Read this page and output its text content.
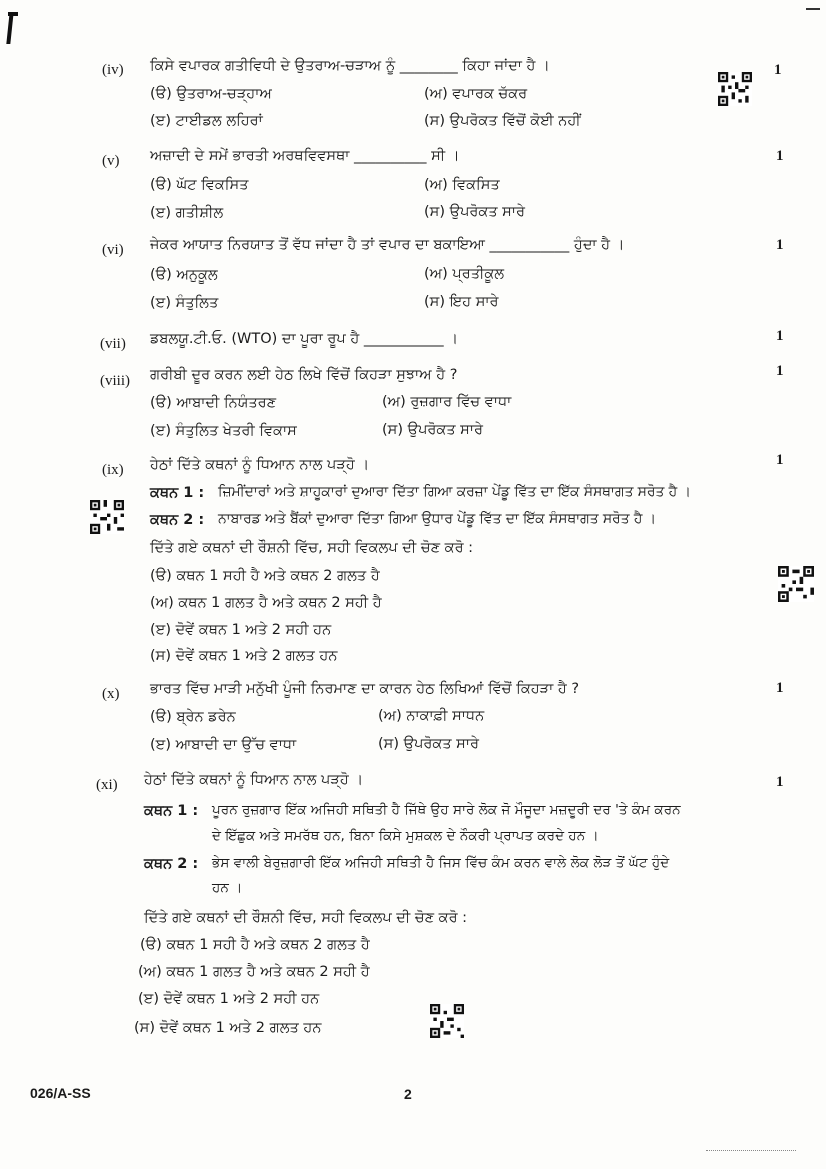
(iv) ਕਿਸੇ ਵਪਾਰਕ ਗਤੀਵਿਧੀ ਦੇ ਉਤਰਾਅ-ਚੜਾਅ ਨੂੰ ________ ਕਿਹਾ ਜਾਂਦਾ ਹੈ ।	1
(ੳ) ਉਤਰਾਅ-ਚੜ੍ਹਾਅ	(ਅ) ਵਪਾਰਕ ਚੱਕਰ
(ੲ) ਟਾਈਡਲ ਲਹਿਰਾਂ	(ਸ) ਉਪਰੋਕਤ ਵਿੱਚੋਂ ਕੋਈ ਨਹੀਂ
(v) ਅਜ਼ਾਦੀ ਦੇ ਸਮੇਂ ਭਾਰਤੀ ਅਰਥਵਿਵਸਥਾ __________ ਸੀ ।	1
(ੳ) ਘੱਟ ਵਿਕਸਿਤ	(ਅ) ਵਿਕਸਿਤ
(ੲ) ਗਤੀਸ਼ੀਲ	(ਸ) ਉਪਰੋਕਤ ਸਾਰੇ
(vi) ਜੇਕਰ ਆਯਾਤ ਨਿਰਯਾਤ ਤੋਂ ਵੱਧ ਜਾਂਦਾ ਹੈ ਤਾਂ ਵਪਾਰ ਦਾ ਬਕਾਇਆ ___________ ਹੁੰਦਾ ਹੈ ।	1
(ੳ) ਅਨੁਕੂਲ	(ਅ) ਪ੍ਰਤੀਕੂਲ
(ੲ) ਸੰਤੁਲਿਤ	(ਸ) ਇਹ ਸਾਰੇ
(vii) ਡਬਲਯੂ.ਟੀ.ਓ. (WTO) ਦਾ ਪੂਰਾ ਰੂਪ ਹੈ ___________ ।	1
(viii) ਗਰੀਬੀ ਦੂਰ ਕਰਨ ਲਈ ਹੇਠ ਲਿਖੇ ਵਿੱਚੋਂ ਕਿਹੜਾ ਸੁਝਾਅ ਹੈ ?	1
(ੳ) ਆਬਾਦੀ ਨਿਯੰਤਰਣ	(ਅ) ਰੁਜ਼ਗਾਰ ਵਿੱਚ ਵਾਧਾ
(ੲ) ਸੰਤੁਲਿਤ ਖੇਤਰੀ ਵਿਕਾਸ	(ਸ) ਉਪਰੋਕਤ ਸਾਰੇ
(ix) ਹੇਠਾਂ ਦਿੱਤੇ ਕਥਨਾਂ ਨੂੰ ਧਿਆਨ ਨਾਲ ਪੜ੍ਹੋ ।	1
ਕਥਨ 1 : ਜ਼ਿਮੀਂਦਾਰਾਂ ਅਤੇ ਸ਼ਾਹੂਕਾਰਾਂ ਦੁਆਰਾ ਦਿੱਤਾ ਗਿਆ ਕਰਜ਼ਾ ਪੇਂਡੂ ਵਿੱਤ ਦਾ ਇੱਕ ਸੰਸਥਾਗਤ ਸਰੋਤ ਹੈ ।
ਕਥਨ 2 : ਨਾਬਾਰਡ ਅਤੇ ਬੈਂਕਾਂ ਦੁਆਰਾ ਦਿੱਤਾ ਗਿਆ ਉਧਾਰ ਪੇਂਡੂ ਵਿੱਤ ਦਾ ਇੱਕ ਸੰਸਥਾਗਤ ਸਰੋਤ ਹੈ ।
ਦਿੱਤੇ ਗਏ ਕਥਨਾਂ ਦੀ ਰੌਸ਼ਨੀ ਵਿੱਚ, ਸਹੀ ਵਿਕਲਪ ਦੀ ਚੋਣ ਕਰੋ :
(ੳ) ਕਥਨ 1 ਸਹੀ ਹੈ ਅਤੇ ਕਥਨ 2 ਗਲਤ ਹੈ
(ਅ) ਕਥਨ 1 ਗਲਤ ਹੈ ਅਤੇ ਕਥਨ 2 ਸਹੀ ਹੈ
(ੲ) ਦੋਵੇਂ ਕਥਨ 1 ਅਤੇ 2 ਸਹੀ ਹਨ
(ਸ) ਦੋਵੇਂ ਕਥਨ 1 ਅਤੇ 2 ਗਲਤ ਹਨ
(x) ਭਾਰਤ ਵਿੱਚ ਮਾੜੀ ਮਨੁੱਖੀ ਪੂੰਜੀ ਨਿਰਮਾਣ ਦਾ ਕਾਰਨ ਹੇਠ ਲਿਖਿਆਂ ਵਿੱਚੋਂ ਕਿਹੜਾ ਹੈ ?	1
(ੳ) ਬ੍ਰੇਨ ਡਰੇਨ	(ਅ) ਨਾਕਾਫ਼ੀ ਸਾਧਨ
(ੲ) ਆਬਾਦੀ ਦਾ ਉੱਚ ਵਾਧਾ	(ਸ) ਉਪਰੋਕਤ ਸਾਰੇ
(xi) ਹੇਠਾਂ ਦਿੱਤੇ ਕਥਨਾਂ ਨੂੰ ਧਿਆਨ ਨਾਲ ਪੜ੍ਹੋ ।	1
ਕਥਨ 1 : ਪੂਰਨ ਰੁਜ਼ਗਾਰ ਇੱਕ ਅਜਿਹੀ ਸਥਿਤੀ ਹੈ ਜਿੱਥੇ ਉਹ ਸਾਰੇ ਲੋਕ ਜੋ ਮੌਜੂਦਾ ਮਜ਼ਦੂਰੀ ਦਰ 'ਤੇ ਕੰਮ ਕਰਨ
ਦੇ ਇੱਛੁਕ ਅਤੇ ਸਮਰੱਥ ਹਨ, ਬਿਨਾ ਕਿਸੇ ਮੁਸ਼ਕਲ ਦੇ ਨੌਕਰੀ ਪ੍ਰਾਪਤ ਕਰਦੇ ਹਨ ।
ਕਥਨ 2 : ਭੇਸ ਵਾਲੀ ਬੇਰੁਜ਼ਗਾਰੀ ਇੱਕ ਅਜਿਹੀ ਸਥਿਤੀ ਹੈ ਜਿਸ ਵਿੱਚ ਕੰਮ ਕਰਨ ਵਾਲੇ ਲੋਕ ਲੋੜ ਤੋਂ ਘੱਟ ਹੁੰਦੇ
ਹਨ ।
ਦਿੱਤੇ ਗਏ ਕਥਨਾਂ ਦੀ ਰੌਸ਼ਨੀ ਵਿੱਚ, ਸਹੀ ਵਿਕਲਪ ਦੀ ਚੋਣ ਕਰੋ :
(ੳ) ਕਥਨ 1 ਸਹੀ ਹੈ ਅਤੇ ਕਥਨ 2 ਗਲਤ ਹੈ
(ਅ) ਕਥਨ 1 ਗਲਤ ਹੈ ਅਤੇ ਕਥਨ 2 ਸਹੀ ਹੈ
(ੲ) ਦੋਵੇਂ ਕਥਨ 1 ਅਤੇ 2 ਸਹੀ ਹਨ
(ਸ) ਦੋਵੇਂ ਕਥਨ 1 ਅਤੇ 2 ਗਲਤ ਹਨ
026/A-SS	2
